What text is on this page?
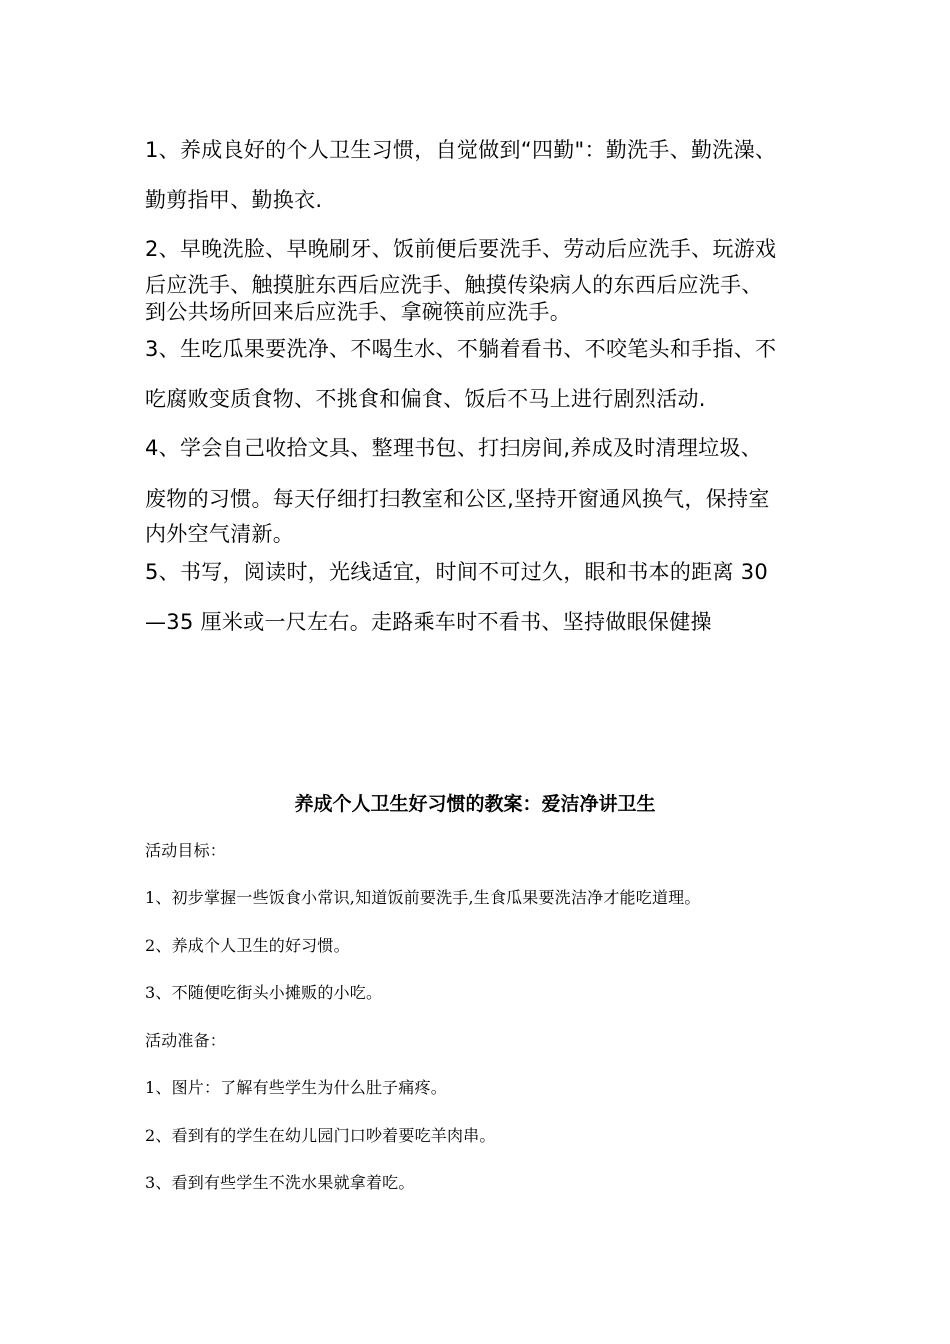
1、养成良好的个人卫生习惯，自觉做到“四勤"：勤洗手、勤洗澡、

勤剪指甲、勤换衣.

2、早晚洗脸、早晚刷牙、饭前便后要洗手、劳动后应洗手、玩游戏

后应洗手、触摸脏东西后应洗手、触摸传染病人的东西后应洗手、

到公共场所回来后应洗手、拿碗筷前应洗手。

3、生吃瓜果要洗净、不喝生水、不躺着看书、不咬笔头和手指、不

吃腐败变质食物、不挑食和偏食、饭后不马上进行剧烈活动.

4、学会自己收拾文具、整理书包、打扫房间,养成及时清理垃圾、

废物的习惯。每天仔细打扫教室和公区,坚持开窗通风换气，保持室

内外空气清新。

5、书写，阅读时，光线适宜，时间不可过久，眼和书本的距离 30

—35 厘米或一尺左右。走路乘车时不看书、坚持做眼保健操

养成个人卫生好习惯的教案：爱洁净讲卫生

活动目标：

1、初步掌握一些饭食小常识,知道饭前要洗手,生食瓜果要洗洁净才能吃道理。

2、养成个人卫生的好习惯。

3、不随便吃街头小摊贩的小吃。

活动准备：

1、图片：了解有些学生为什么肚子痛疼。

2、看到有的学生在幼儿园门口吵着要吃羊肉串。

3、看到有些学生不洗水果就拿着吃。
